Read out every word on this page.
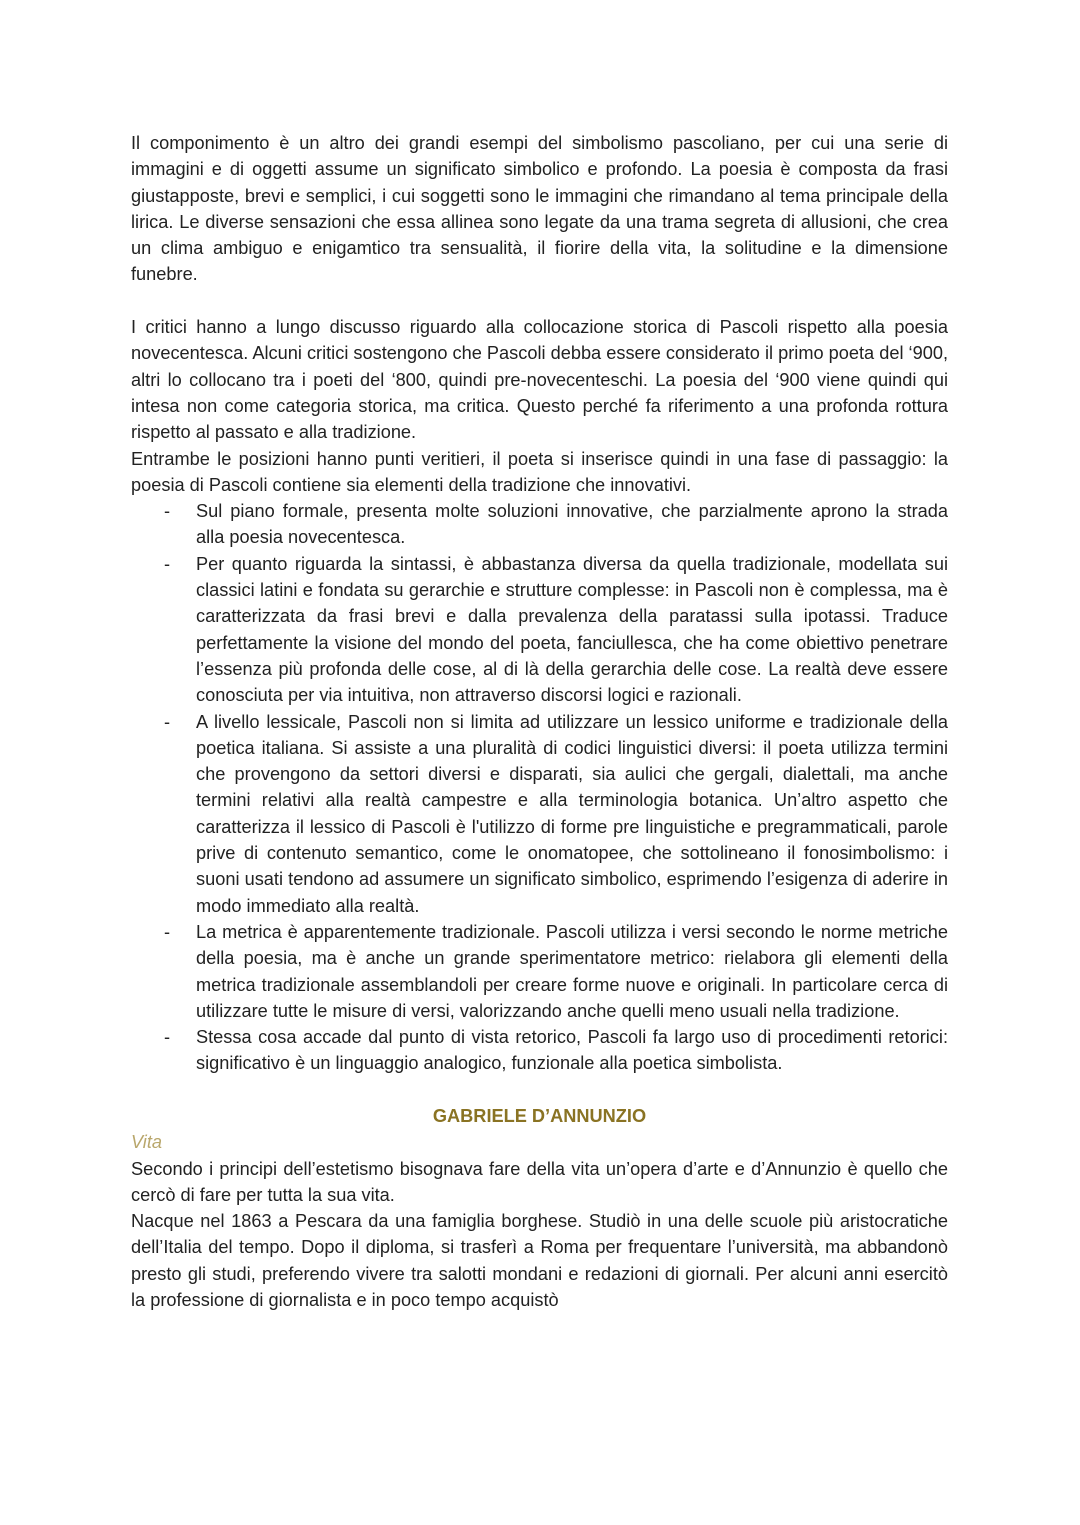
Il componimento è un altro dei grandi esempi del simbolismo pascoliano, per cui una serie di immagini e di oggetti assume un significato simbolico e profondo. La poesia è composta da frasi giustapposte, brevi e semplici, i cui soggetti sono le immagini che rimandano al tema principale della lirica. Le diverse sensazioni che essa allinea sono legate da una trama segreta di allusioni, che crea un clima ambiguo e enigamtico tra sensualità, il fiorire della vita, la solitudine e la dimensione funebre.

I critici hanno a lungo discusso riguardo alla collocazione storica di Pascoli rispetto alla poesia novecentesca. Alcuni critici sostengono che Pascoli debba essere considerato il primo poeta del ‘900, altri lo collocano tra i poeti del ‘800, quindi pre-novecenteschi. La poesia del ‘900 viene quindi qui intesa non come categoria storica, ma critica. Questo perché fa riferimento a una profonda rottura rispetto al passato e alla tradizione.

Entrambe le posizioni hanno punti veritieri, il poeta si inserisce quindi in una fase di passaggio: la poesia di Pascoli contiene sia elementi della tradizione che innovativi.

- Sul piano formale, presenta molte soluzioni innovative, che parzialmente aprono la strada alla poesia novecentesca.
- Per quanto riguarda la sintassi, è abbastanza diversa da quella tradizionale, modellata sui classici latini e fondata su gerarchie e strutture complesse: in Pascoli non è complessa, ma è caratterizzata da frasi brevi e dalla prevalenza della paratassi sulla ipotassi. Traduce perfettamente la visione del mondo del poeta, fanciullesca, che ha come obiettivo penetrare l’essenza più profonda delle cose, al di là della gerarchia delle cose. La realtà deve essere conosciuta per via intuitiva, non attraverso discorsi logici e razionali.
- A livello lessicale, Pascoli non si limita ad utilizzare un lessico uniforme e tradizionale della poetica italiana. Si assiste a una pluralità di codici linguistici diversi: il poeta utilizza termini che provengono da settori diversi e disparati, sia aulici che gergali, dialettali, ma anche termini relativi alla realtà campestre e alla terminologia botanica. Un’altro aspetto che caratterizza il lessico di Pascoli è l'utilizzo di forme pre linguistiche e pregrammaticali, parole prive di contenuto semantico, come le onomatopee, che sottolineano il fonosimbolismo: i suoni usati tendono ad assumere un significato simbolico, esprimendo l’esigenza di aderire in modo immediato alla realtà.
- La metrica è apparentemente tradizionale. Pascoli utilizza i versi secondo le norme metriche della poesia, ma è anche un grande sperimentatore metrico: rielabora gli elementi della metrica tradizionale assemblandoli per creare forme nuove e originali. In particolare cerca di utilizzare tutte le misure di versi, valorizzando anche quelli meno usuali nella tradizione.
- Stessa cosa accade dal punto di vista retorico, Pascoli fa largo uso di procedimenti retorici: significativo è un linguaggio analogico, funzionale alla poetica simbolista.
GABRIELE D’ANNUNZIO

Vita

Secondo i principi dell’estetismo bisognava fare della vita un’opera d’arte e d’Annunzio è quello che cercò di fare per tutta la sua vita.

Nacque nel 1863 a Pescara da una famiglia borghese. Studiò in una delle scuole più aristocratiche dell’Italia del tempo. Dopo il diploma, si trasferì a Roma per frequentare l’università, ma abbandonò presto gli studi, preferendo vivere tra salotti mondani e redazioni di giornali. Per alcuni anni esercitò la professione di giornalista e in poco tempo acquistò
